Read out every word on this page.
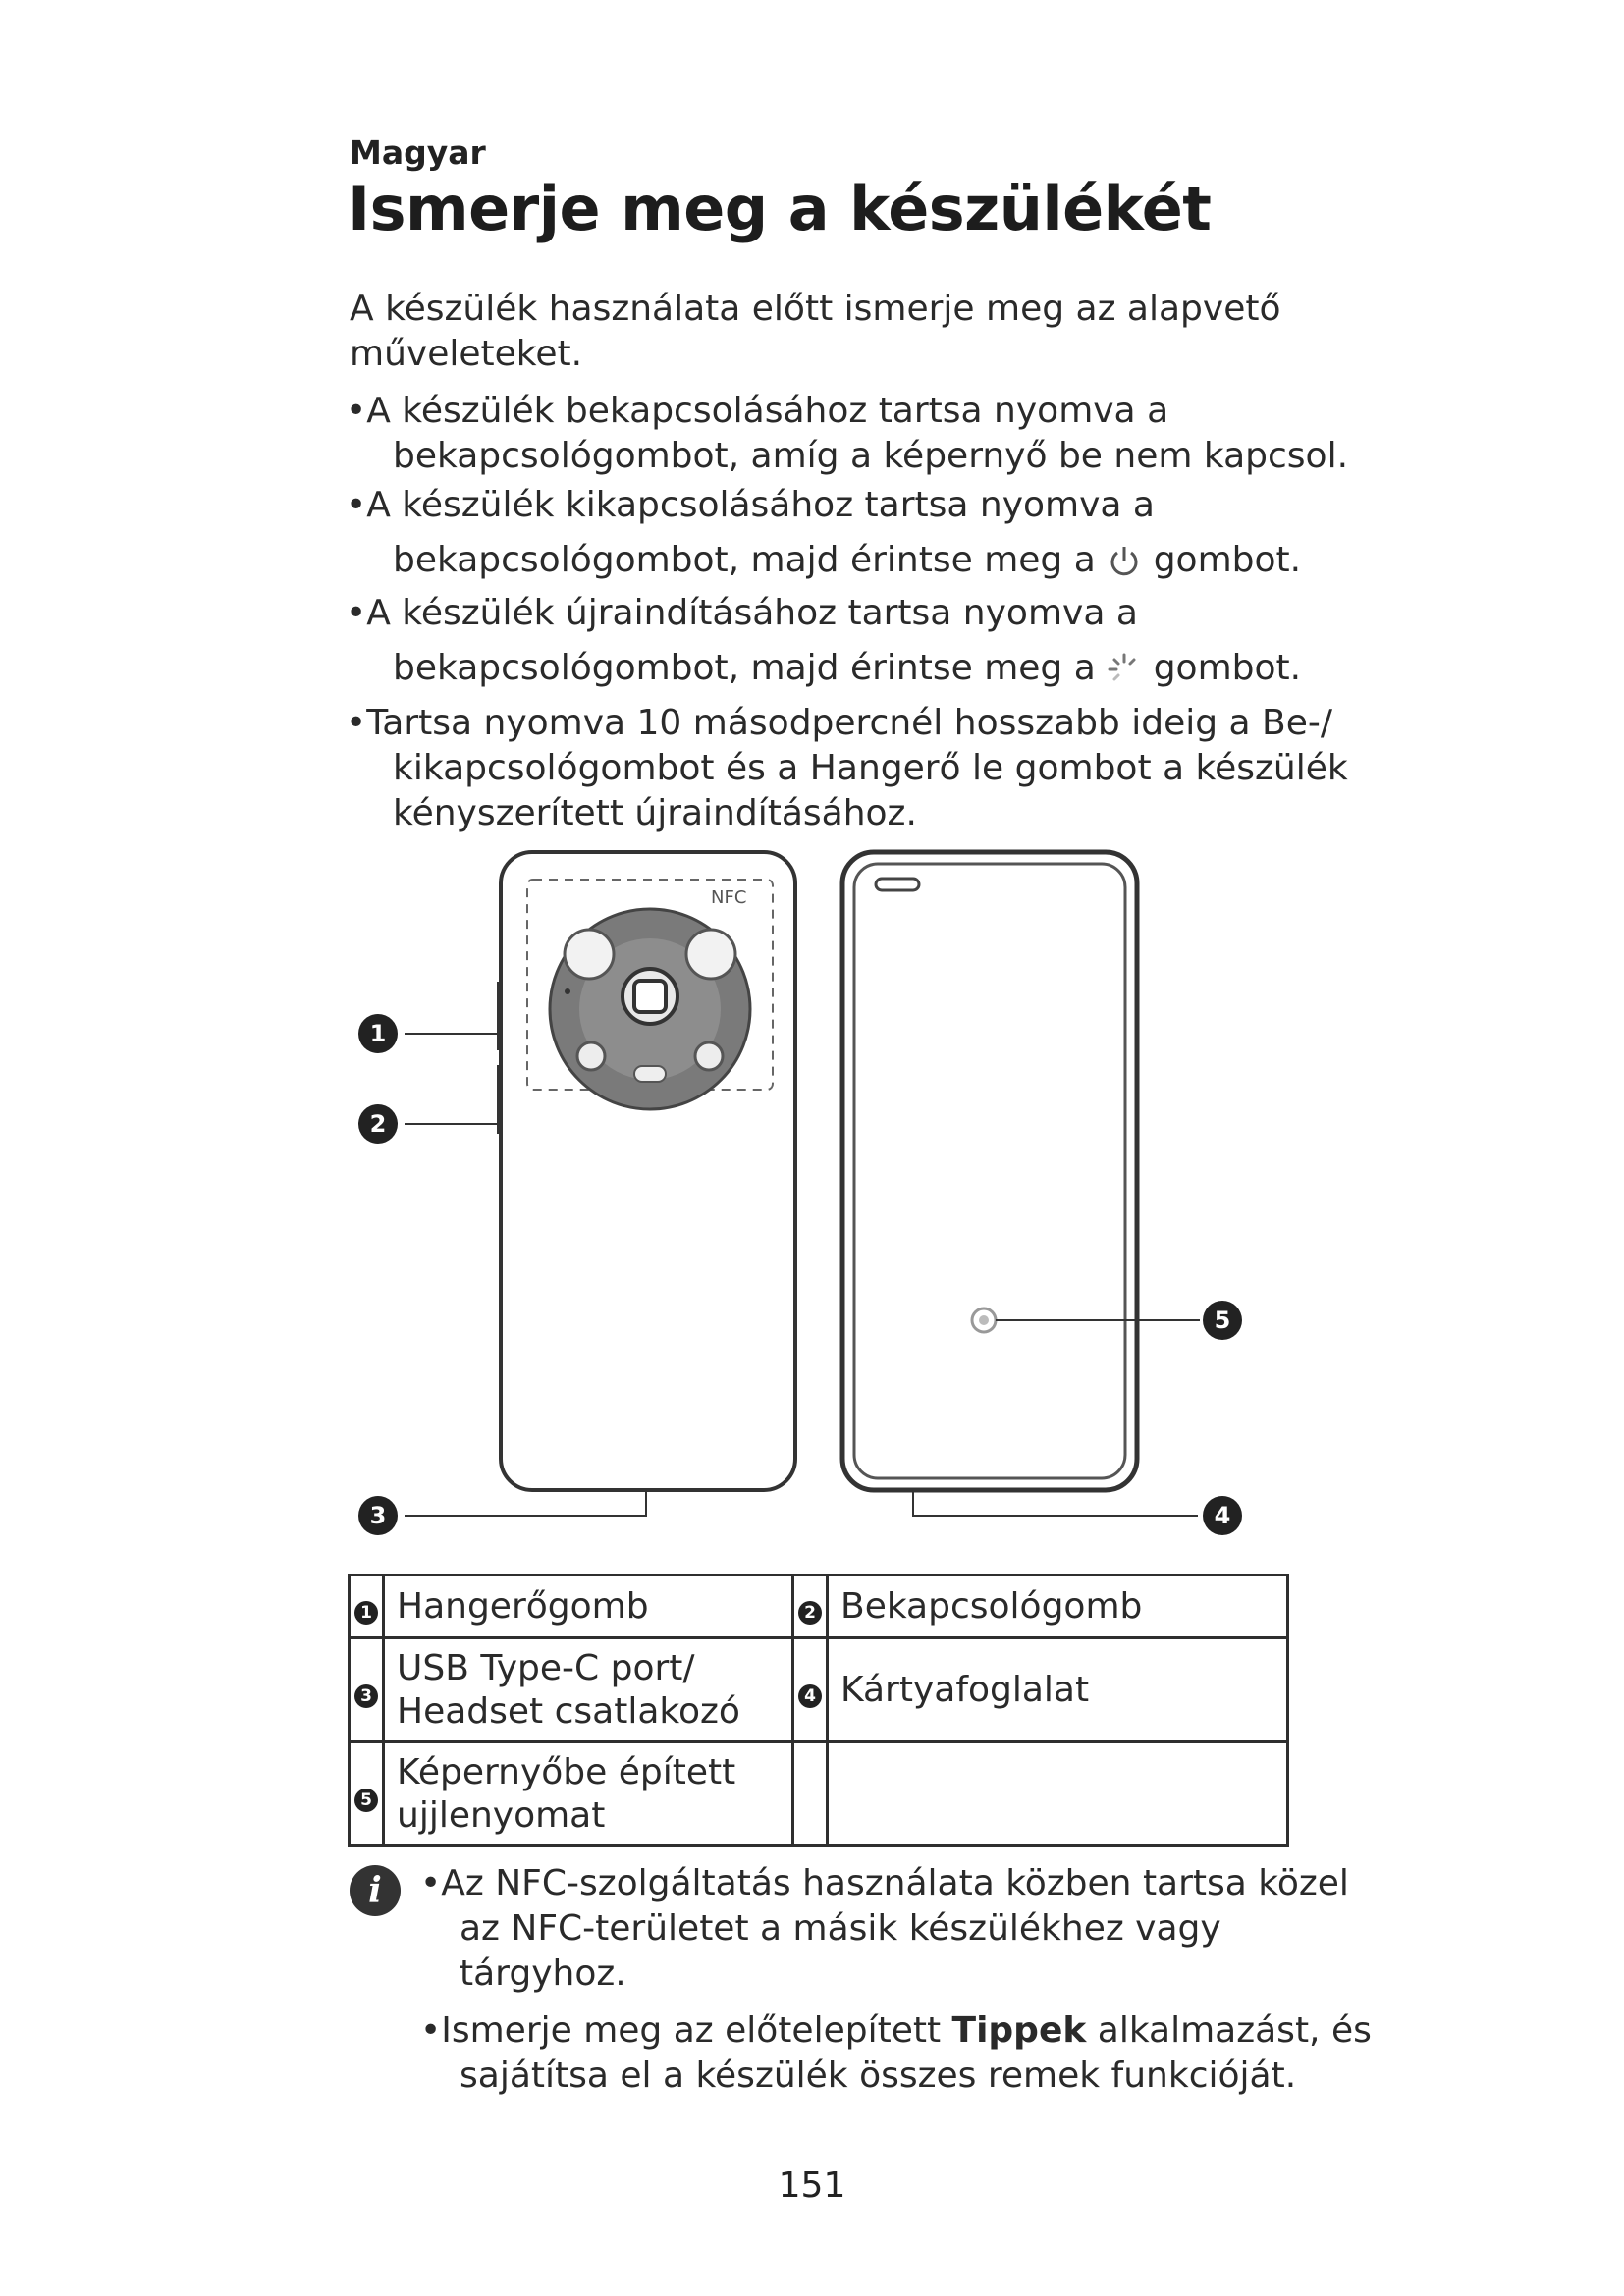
Magyar
Ismerje meg a készülékét
A készülék használata előtt ismerje meg az alapvető műveleteket.
•A készülék bekapcsolásához tartsa nyomva a
bekapcsológombot, amíg a képernyő be nem kapcsol.
•A készülék kikapcsolásához tartsa nyomva a
bekapcsológombot, majd érintse meg a gombot.
•A készülék újraindításához tartsa nyomva a
bekapcsológombot, majd érintse meg a gombot.
•Tartsa nyomva 10 másodpercnél hosszabb ideig a Be-/
kikapcsológombot és a Hangerő le gombot a készülék
kényszerített újraindításához.
NFC
1
2
3	4
5
1	Hangerőgomb	2	Bekapcsológomb
3	USB Type-C port/
Headset csatlakozó	4	Kártyafoglalat
5	Képernyőbe épített
ujjlenyomat		

i	•Az NFC-szolgáltatás használata közben tartsa közel
az NFC-területet a másik készülékhez vagy
tárgyhoz.
•Ismerje meg az előtelepített Tippek alkalmazást, és
sajátítsa el a készülék összes remek funkcióját.
151
